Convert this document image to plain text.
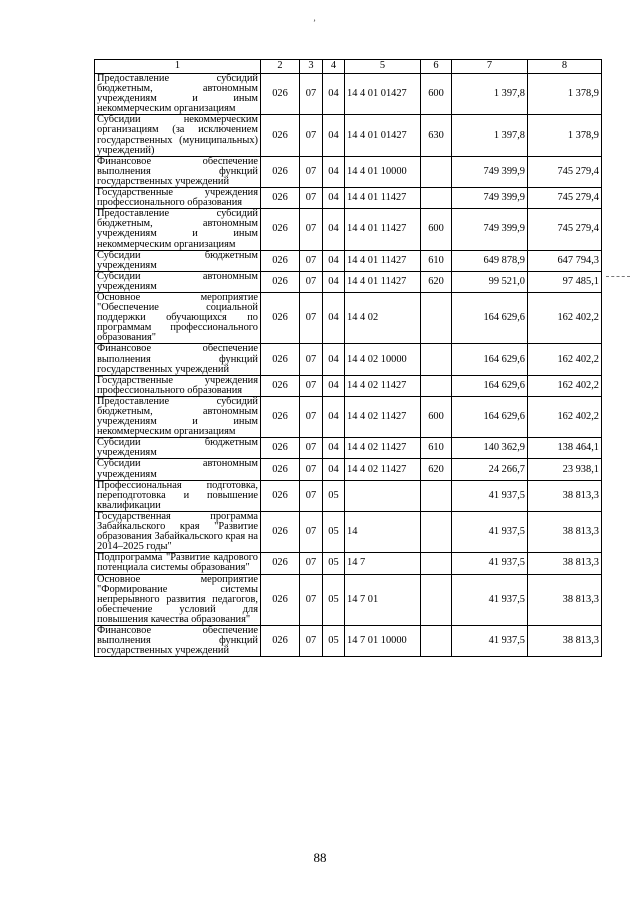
ʼ
1	2	3	4	5	6	7	8
Предоставление субсидий бюджетным, автономным учреждениям и иным некоммерческим организациям	026	07	04	14 4 01 01427	600	1 397,8	1 378,9
Субсидии некоммерческим организациям (за исключением государственных (муниципальных) учреждений)	026	07	04	14 4 01 01427	630	1 397,8	1 378,9
Финансовое обеспечение выполнения функций государственных учреждений	026	07	04	14 4 01 10000		749 399,9	745 279,4
Государственные учреждения профессионального образования	026	07	04	14 4 01 11427		749 399,9	745 279,4
Предоставление субсидий бюджетным, автономным учреждениям и иным некоммерческим организациям	026	07	04	14 4 01 11427	600	749 399,9	745 279,4
Субсидии бюджетным учреждениям	026	07	04	14 4 01 11427	610	649 878,9	647 794,3
Субсидии автономным учреждениям	026	07	04	14 4 01 11427	620	99 521,0	97 485,1
Основное мероприятие "Обеспечение социальной поддержки обучающихся по программам профессионального образования"	026	07	04	14 4 02		164 629,6	162 402,2
Финансовое обеспечение выполнения функций государственных учреждений	026	07	04	14 4 02 10000		164 629,6	162 402,2
Государственные учреждения профессионального образования	026	07	04	14 4 02 11427		164 629,6	162 402,2
Предоставление субсидий бюджетным, автономным учреждениям и иным некоммерческим организациям	026	07	04	14 4 02 11427	600	164 629,6	162 402,2
Субсидии бюджетным учреждениям	026	07	04	14 4 02 11427	610	140 362,9	138 464,1
Субсидии автономным учреждениям	026	07	04	14 4 02 11427	620	24 266,7	23 938,1
Профессиональная подготовка, переподготовка и повышение квалификации	026	07	05			41 937,5	38 813,3
Государственная программа Забайкальского края "Развитие образования Забайкальского края на 2014–2025 годы"	026	07	05	14		41 937,5	38 813,3
Подпрограмма "Развитие кадрового потенциала системы образования"	026	07	05	14 7		41 937,5	38 813,3
Основное мероприятие "Формирование системы непрерывного развития педагогов, обеспечение условий для повышения качества образования"	026	07	05	14 7 01		41 937,5	38 813,3
Финансовое обеспечение выполнения функций государственных учреждений	026	07	05	14 7 01 10000		41 937,5	38 813,3
88
